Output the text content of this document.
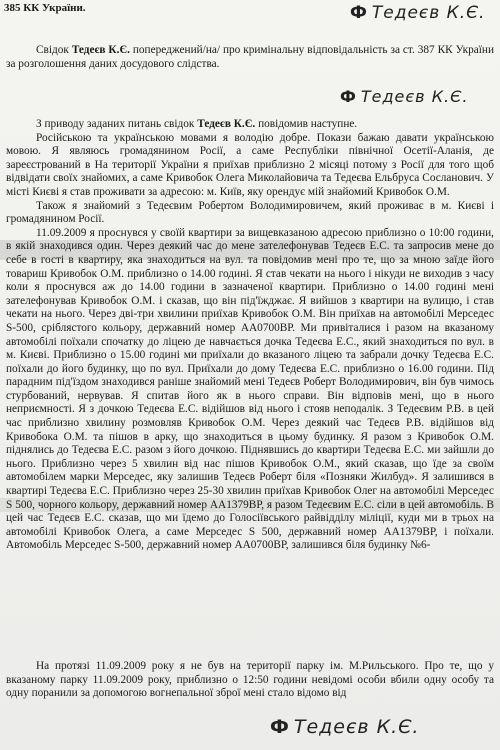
385 КК України.	Ф Тедеєв К.Є.

Свідок Тедеєв К.Є. попереджений/на/ про кримінальну відповідальність за ст. 387 КК України за розголошення даних досудового слідства.

Ф Тедеєв К.Є.

З приводу заданих питань свідок Тедеєв К.Є. повідомив наступне.

Російською та українською мовами я володію добре. Покази бажаю давати українською мовою. Я являюсь громадянином Росії, а саме Республіки північної Осетії-Аланія, де зареєстрований в На території України я приїхав приблизно 2 місяці потому з Росії для того щоб відвідати своїх знайомих, а саме Кривобок Олега Миколайовича та Тедеєва Ельбруса Сосланович. У місті Києві я став проживати за адресою: м. Київ, яку орендує мій знайомий Кривобок О.М.

Також я знайомий з Тедеєвим Робертом Володимировичем, який проживає в м. Києві і громадянином Росії.

11.09.2009 я проснувся у своїй квартири за вищевказаною адресою приблизно о 10:00 години, в якій знаходився один. Через деякий час до мене зателефонував Тедеєв Е.С. та запросив мене до себе в гості в квартиру, яка знаходиться на вул. та повідомив мені про те, що за мною заїде його товариш Кривобок О.М. приблизно о 14.00 годині. Я став чекати на нього і нікуди не виходив з часу коли я проснувся аж до 14.00 години в зазначеної квартири. Приблизно о 14.00 годині мені зателефонував Кривобок О.М. і сказав, що він під'їжджає. Я вийшов з квартири на вулицю, і став чекати на нього. Через дві-три хвилини приїхав Кривобок О.М. Він приїхав на автомобілі Мерседес S-500, сріблястого кольору, державний номер АА0700ВР. Ми привіталися і разом на вказаному автомобілі поїхали спочатку до ліцею де навчається дочка Тедеєва Е.С., який знаходиться по вул. в м. Києві. Приблизно о 15.00 годині ми приїхали до вказаного ліцею та забрали дочку Тедеєва Е.С. поїхали до його будинку, що по вул. Приїхали до дому Тедеєва Е.С. приблизно о 16.00 години. Під парадним під'їздом знаходився раніше знайомий мені Тедеєв Роберт Володимирович, він був чимось стурбований, нервував. Я спитав його як в нього справи. Він відповів мені, що в нього неприємності. Я з дочкою Тедеєва Е.С. відійшов від нього і стояв неподалік. З Тедеєвим Р.В. в цей час приблизно хвилину розмовляв Кривобок О.М. Через деякий час Тедеєв Р.В. відійшов від Кривобока О.М. та пішов в арку, що знаходиться в цьому будинку. Я разом з Кривобок О.М. піднялись до Тедеєва Е.С. разом з його дочкою. Піднявшись до квартири Тедеєва Е.С. ми зайшли до нього. Приблизно через 5 хвилин від нас пішов Кривобок О.М., який сказав, що їде за своїм автомобілем марки Мерседес, яку залишив Тедеєв Роберт біля «Позняки Жилбуд». Я залишився в квартирі Тедеєва Е.С. Приблизно через 25-30 хвилин приїхав Кривобок Олег на автомобілі Мерседес S 500, чорного кольору, державний номер АА1379ВР, я разом Тедеєвим Е.С. сіли в цей автомобіль. В цей час Тедеєв Е.С. сказав, що ми їдемо до Голосіївського райвідділу міліції, куди ми в трьох на автомобілі Кривобок Олега, а саме Мерседес S 500, державний номер АА1379ВР, і поїхали. Автомобіль Мерседес S-500, державний номер АА0700ВР, залишився біля будинку №6-

На протязі 11.09.2009 року я не був на території парку ім. М.Рильського. Про те, що у вказаному парку 11.09.2009 року, приблизно о 12:50 години невідомі особи вбили одну особу та одну поранили за допомогою вогнепальної зброї мені стало відомо від

Ф Тедеєв К.Є.
